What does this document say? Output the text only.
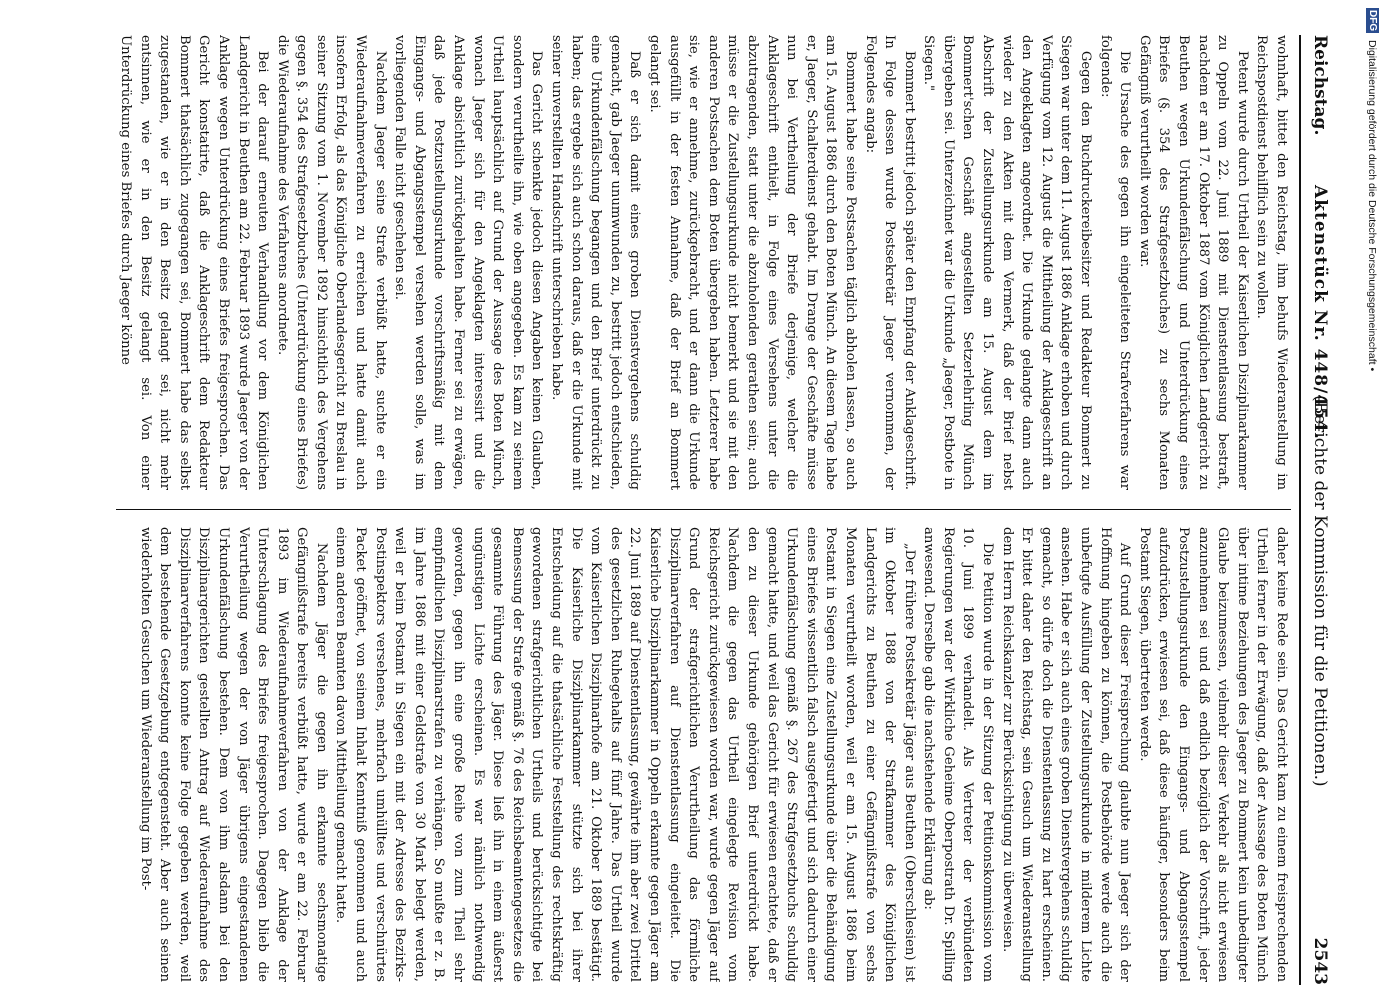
Reichstag.
Aktenstück Nr. 448/454.
(Berichte der Kommission für die Petitionen.)
2543

wohnhaft, bittet den Reichstag, ihm behufs Wiederanstellung im Reichspostdienst behilflich sein zu wollen.

Petent wurde durch Urtheil der Kaiserlichen Disziplinarkammer zu Oppeln vom 22. Juni 1889 mit Dienstentlassung bestraft, nachdem er am 17. Oktober 1887 vom Königlichen Landgericht zu Beuthen wegen Urkundenfälschung und Unterdrückung eines Briefes (§. 354 des Strafgesetzbuches) zu sechs Monaten Gefängniß verurtheilt worden war.

Die Ursache des gegen ihn eingeleiteten Strafverfahrens war folgende:

Gegen den Buchdruckereibesitzer und Redakteur Bommert zu Siegen war unter dem 11. August 1886 Anklage erhoben und durch Verfügung vom 12. August die Mittheilung der Anklageschrift an den Angeklagten angeordnet. Die Urkunde gelangte dann auch wieder zu den Akten mit dem Vermerk, daß der Brief nebst Abschrift der Zustellungsurkunde am 15. August dem im Bommert'schen Geschäft angestellten Setzerlehrling Münch übergeben sei. Unterzeichnet war die Urkunde „Jaeger, Postbote in Siegen."

Bommert bestritt jedoch später den Empfang der Anklageschrift. In Folge dessen wurde Postsekretär Jaeger vernommen, der Folgendes angab:

Bommert habe seine Postsachen täglich abholen lassen, so auch am 15. August 1886 durch den Boten Münch. An diesem Tage habe er, Jaeger, Schalterdienst gehabt. Im Drange der Geschäfte müsse nun bei Vertheilung der Briefe derjenige, welcher die Anklageschrift enthielt, in Folge eines Versehens unter die abzutragenden, statt unter die abzuholenden gerathen sein; auch müsse er die Zustellungsurkunde nicht bemerkt und sie mit den anderen Postsachen dem Boten übergeben haben. Letzterer habe sie, wie er annehme, zurückgebracht, und er dann die Urkunde ausgefüllt in der festen Annahme, daß der Brief an Bommert gelangt sei.

Daß er sich damit eines groben Dienstvergehens schuldig gemacht, gab Jaeger unumwunden zu, bestritt jedoch entschieden, eine Urkundenfälschung begangen und den Brief unterdrückt zu haben; das ergebe sich auch schon daraus, daß er die Urkunde mit seiner unverstellten Handschrift unterschrieben habe.

Das Gericht schenkte jedoch diesen Angaben keinen Glauben, sondern verurtheilte ihn, wie oben angegeben. Es kam zu seinem Urtheil hauptsächlich auf Grund der Aussage des Boten Münch, wonach Jaeger sich für den Angeklagten interessirt und die Anklage absichtlich zurückgehalten habe. Ferner sei zu erwägen, daß jede Postzustellungsurkunde vorschriftsmäßig mit dem Eingangs- und Abgangsstempel versehen werden solle, was im vorliegenden Falle nicht geschehen sei.

Nachdem Jaeger seine Strafe verbüßt hatte, suchte er ein Wiederaufnahmeverfahren zu erreichen und hatte damit auch insofern Erfolg, als das Königliche Oberlandesgericht zu Breslau in seiner Sitzung vom 1. November 1892 hinsichtlich des Vergehens gegen §. 354 des Strafgesetzbuches (Unterdrückung eines Briefes) die Wiederaufnahme des Verfahrens anordnete.

Bei der darauf erneuten Verhandlung vor dem Königlichen Landgericht in Beuthen am 22. Februar 1893 wurde Jaeger von der Anklage wegen Unterdrückung eines Briefes freigesprochen. Das Gericht konstatirte, daß die Anklageschrift dem Redakteur Bommert thatsächlich zugegangen sei, Bommert habe das selbst zugestanden, wie er in den Besitz gelangt sei, nicht mehr entsinnen, wie er in den Besitz gelangt sei. Von einer Unterdrückung eines Briefes durch Jaeger könne

daher keine Rede sein. Das Gericht kam zu einem freisprechenden Urtheil ferner in der Erwägung, daß der Aussage des Boten Münch über intime Beziehungen des Jaeger zu Bommert kein unbedingter Glaube beizumessen, vielmehr dieser Verkehr als nicht erwiesen anzunehmen sei und daß endlich bezüglich der Vorschrift, jeder Postzustellungsurkunde den Eingangs- und Abgangsstempel aufzudrücken, erwiesen sei, daß diese häufiger, besonders beim Postamt Siegen, übertreten werde.

Auf Grund dieser Freisprechung glaubte nun Jaeger sich der Hoffnung hingeben zu können, die Postbehörde werde auch die unbefugte Ausfüllung der Zustellungsurkunde in milderem Lichte ansehen. Habe er sich auch eines groben Dienstvergehens schuldig gemacht, so dürfe doch die Dienstentlassung zu hart erscheinen. Er bittet daher den Reichstag, sein Gesuch um Wiederanstellung dem Herrn Reichskanzler zur Berücksichtigung zu überweisen.

Die Petition wurde in der Sitzung der Petitionskommission vom 10. Juni 1899 verhandelt. Als Vertreter der verbündeten Regierungen war der Wirkliche Geheime Oberpostrath Dr. Spilling anwesend. Derselbe gab die nachstehende Erklärung ab:

„Der frühere Postsekretär Jäger aus Beuthen (Oberschlesien) ist im Oktober 1888 von der Strafkammer des Königlichen Landgerichts zu Beuthen zu einer Gefängnißstrafe von sechs Monaten verurtheilt worden, weil er am 15. August 1886 beim Postamt in Siegen eine Zustellungsurkunde über die Behändigung eines Briefes wissentlich falsch ausgefertigt und sich dadurch einer Urkundenfälschung gemäß §. 267 des Strafgesetzbuchs schuldig gemacht hatte, und weil das Gericht für erwiesen erachtete, daß er den zu dieser Urkunde gehörigen Brief unterdrückt habe. Nachdem die gegen das Urtheil eingelegte Revision vom Reichsgericht zurückgewiesen worden war, wurde gegen Jäger auf Grund der strafgerichtlichen Verurtheilung das förmliche Disziplinarverfahren auf Dienstentlassung eingeleitet. Die Kaiserliche Disziplinarkammer in Oppeln erkannte gegen Jäger am 22. Juni 1889 auf Dienstentlassung, gewährte ihm aber zwei Drittel des gesetzlichen Ruhegehalts auf fünf Jahre. Das Urtheil wurde vom Kaiserlichen Disziplinarhofe am 21. Oktober 1889 bestätigt. Die Kaiserliche Disziplinarkammer stützte sich bei ihrer Entscheidung auf die thatsächliche Feststellung des rechtskräftig gewordenen strafgerichtlichen Urtheils und berücksichtigte bei Bemessung der Strafe gemäß §. 76 des Reichsbeamtengesetzes die gesammte Führung des Jäger. Diese ließ ihn in einem äußerst ungünstigen Lichte erscheinen. Es war nämlich nothwendig geworden, gegen ihn eine große Reihe von zum Theil sehr empfindlichen Disziplinarstrafen zu verhängen. So mußte er z. B. im Jahre 1886 mit einer Geldstrafe von 30 Mark belegt werden, weil er beim Postamt in Siegen ein mit der Adresse des Bezirks-Postinspektors versehenes, mehrfach umhülltes und verschnürtes Packet geöffnet, von seinem Inhalt Kenntniß genommen und auch einem anderen Beamten davon Mittheilung gemacht hatte.

Nachdem Jäger die gegen ihn erkannte sechsmonatige Gefängnißstrafe bereits verbüßt hatte, wurde er am 22. Februar 1893 im Wiederaufnahmeverfahren von der Anklage der Unterschlagung des Briefes freigesprochen. Dagegen blieb die Verurtheilung wegen der von Jäger übrigens eingestandenen Urkundenfälschung bestehen. Dem von ihm alsdann bei den Disziplinargerichten gestellten Antrag auf Wiederaufnahme des Disziplinarverfahrens konnte keine Folge gegeben werden, weil dem bestehende Gesetzgebung entgegensteht. Aber auch seinen wiederholten Gesuchen um Wiederanstellung im Post-

DFG Digitalisierung gefördert durch die Deutsche Forschungsgemeinschaft •
